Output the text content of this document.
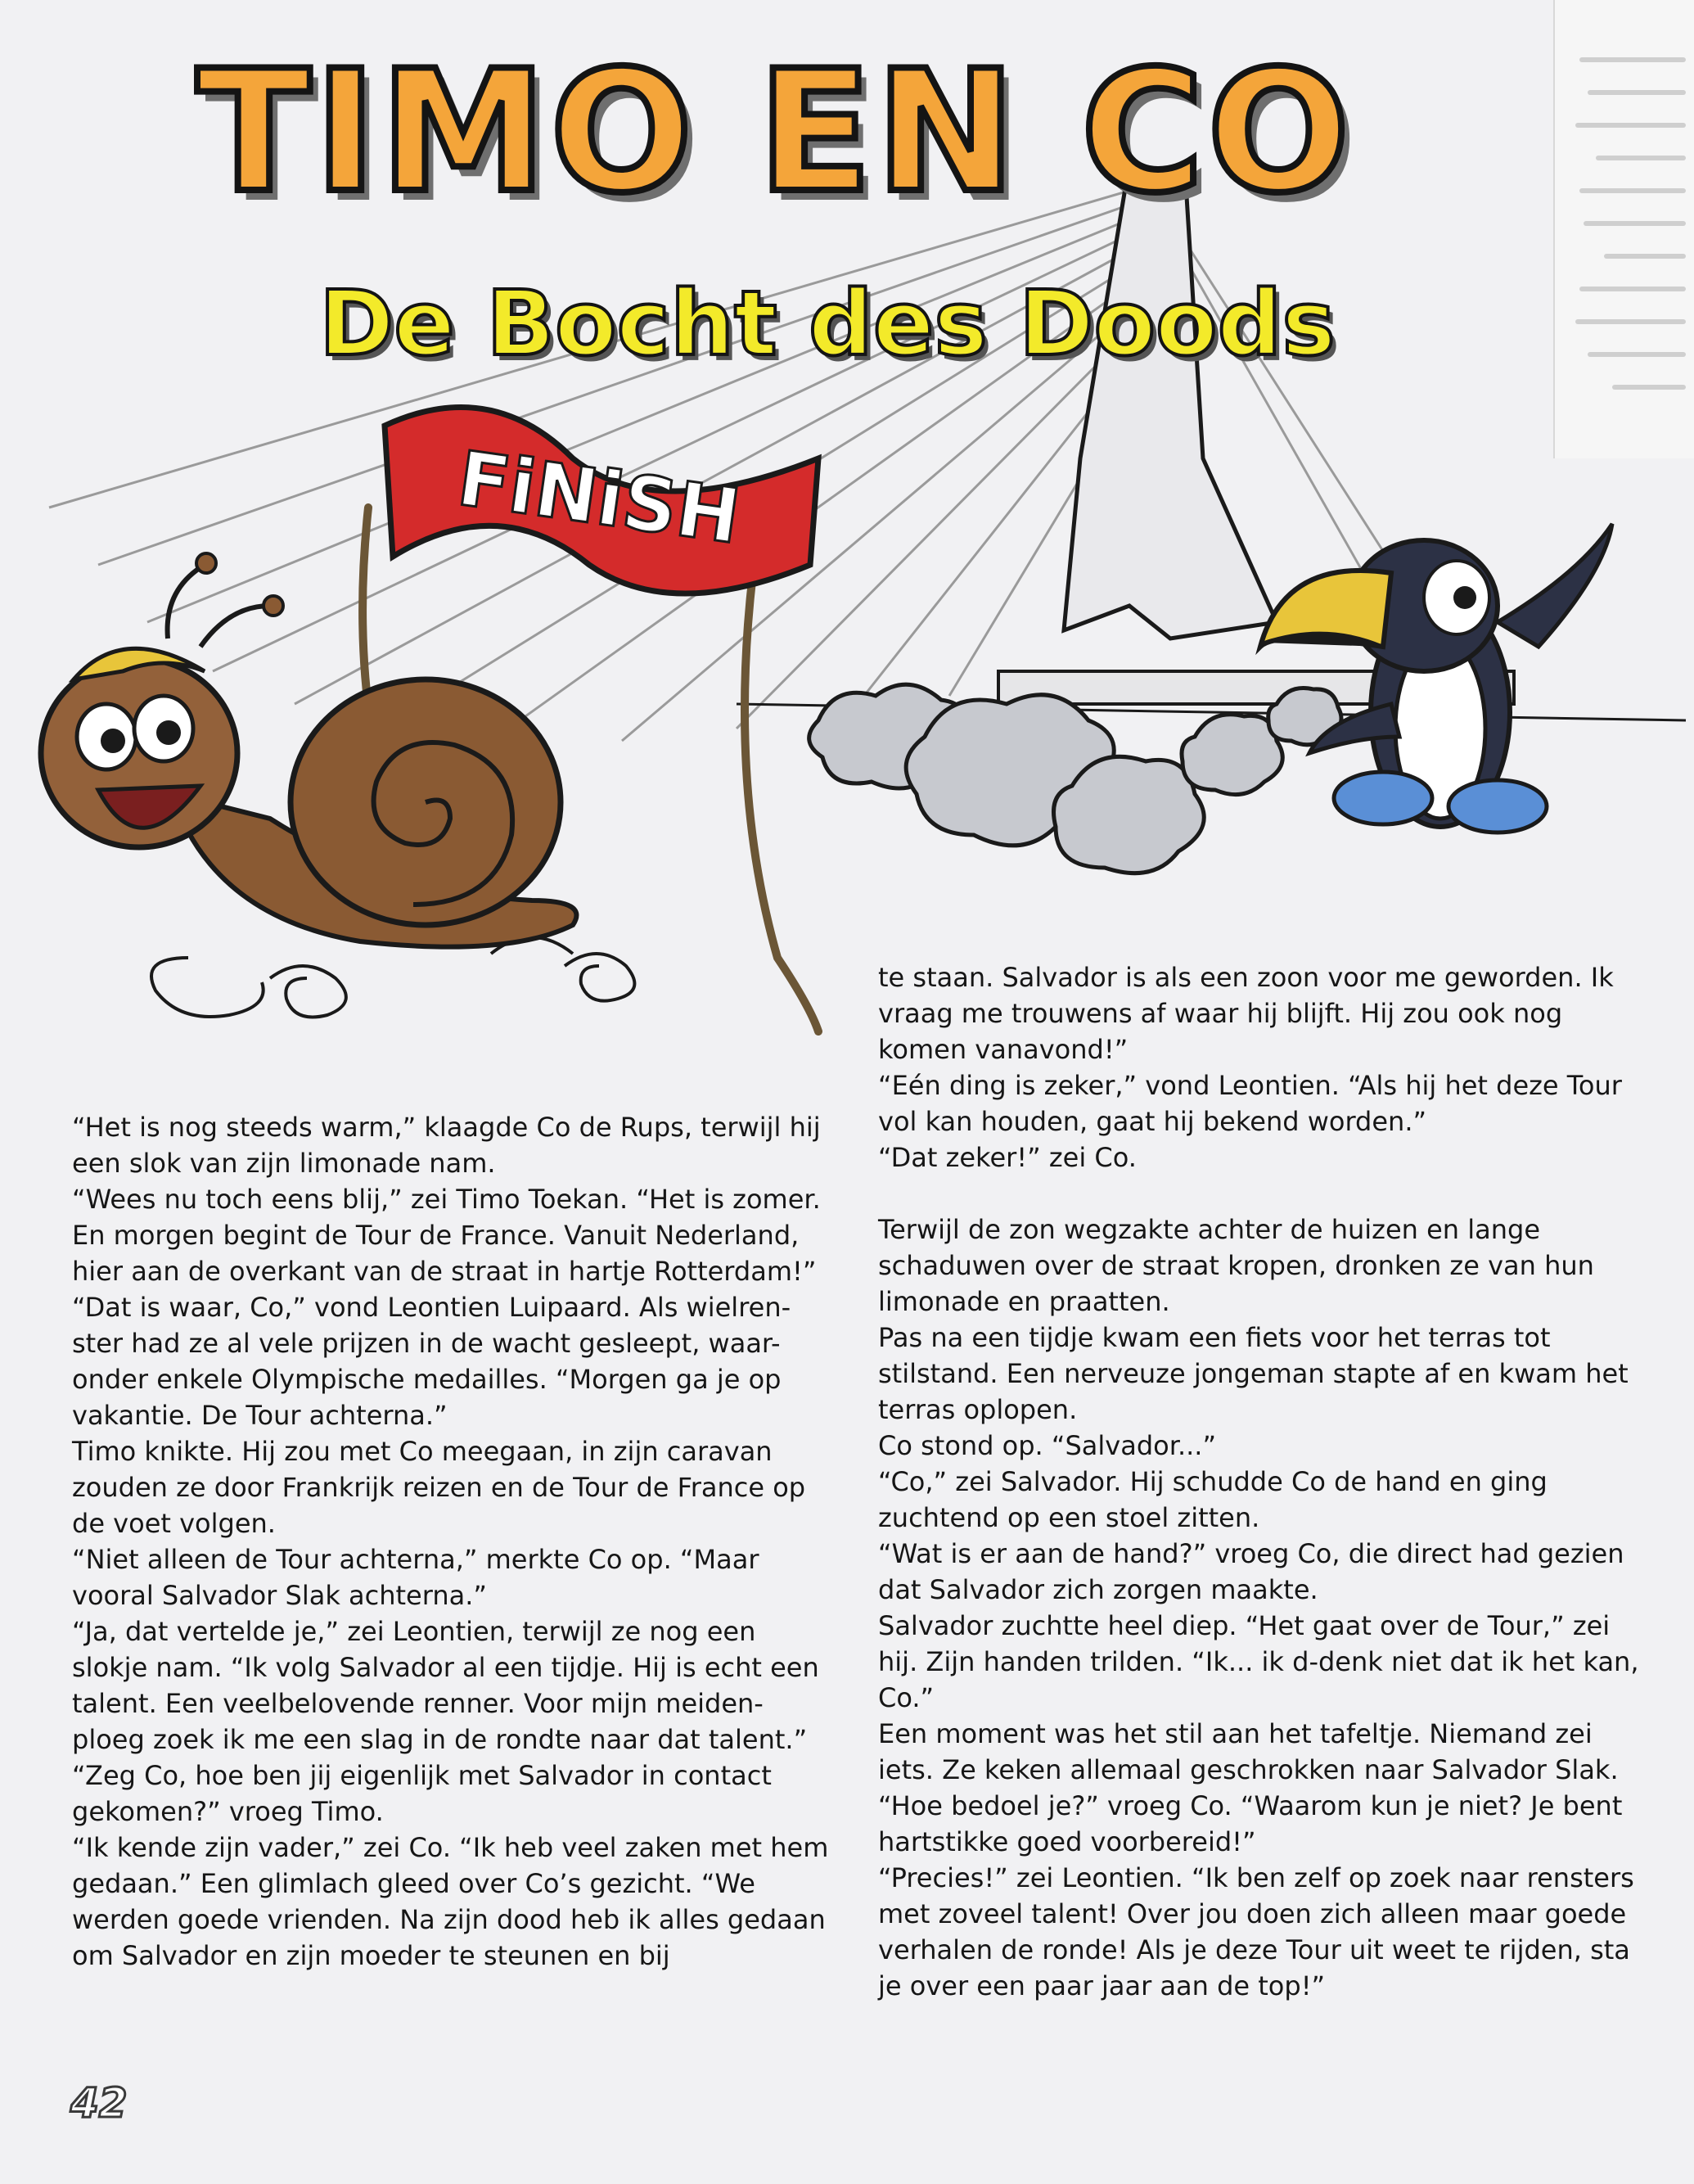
FiNiSH
TIMO EN CO
De Bocht des Doods

“Het is nog steeds warm,” klaagde Co de Rups, terwijl hij een slok van zijn limonade nam.

“Wees nu toch eens blij,” zei Timo Toekan. “Het is zomer. En morgen begint de Tour de France. Vanuit Nederland, hier aan de overkant van de straat in hartje Rotterdam!”

“Dat is waar, Co,” vond Leontien Luipaard. Als wielren- ster had ze al vele prijzen in de wacht gesleept, waar- onder enkele Olympische medailles. “Morgen ga je op vakantie. De Tour achterna.”

Timo knikte. Hij zou met Co meegaan, in zijn caravan zouden ze door Frankrijk reizen en de Tour de France op de voet volgen.

“Niet alleen de Tour achterna,” merkte Co op. “Maar vooral Salvador Slak achterna.”

“Ja, dat vertelde je,” zei Leontien, terwijl ze nog een slokje nam. “Ik volg Salvador al een tijdje. Hij is echt een talent. Een veelbelovende renner. Voor mijn meiden- ploeg zoek ik me een slag in de rondte naar dat talent.”

“Zeg Co, hoe ben jij eigenlijk met Salvador in contact gekomen?” vroeg Timo.

“Ik kende zijn vader,” zei Co. “Ik heb veel zaken met hem gedaan.” Een glimlach gleed over Co’s gezicht. “We werden goede vrienden. Na zijn dood heb ik alles gedaan om Salvador en zijn moeder te steunen en bij

te staan. Salvador is als een zoon voor me geworden. Ik vraag me trouwens af waar hij blijft. Hij zou ook nog komen vanavond!”

“Eén ding is zeker,” vond Leontien. “Als hij het deze Tour vol kan houden, gaat hij bekend worden.”

“Dat zeker!” zei Co.

Terwijl de zon wegzakte achter de huizen en lange schaduwen over de straat kropen, dronken ze van hun limonade en praatten.

Pas na een tijdje kwam een fiets voor het terras tot stilstand. Een nerveuze jongeman stapte af en kwam het terras oplopen.

Co stond op. “Salvador...”

“Co,” zei Salvador. Hij schudde Co de hand en ging zuchtend op een stoel zitten.

“Wat is er aan de hand?” vroeg Co, die direct had gezien dat Salvador zich zorgen maakte.

Salvador zuchtte heel diep. “Het gaat over de Tour,” zei hij. Zijn handen trilden. “Ik... ik d-denk niet dat ik het kan, Co.”

Een moment was het stil aan het tafeltje. Niemand zei iets. Ze keken allemaal geschrokken naar Salvador Slak.

“Hoe bedoel je?” vroeg Co. “Waarom kun je niet? Je bent hartstikke goed voorbereid!”

“Precies!” zei Leontien. “Ik ben zelf op zoek naar rensters met zoveel talent! Over jou doen zich alleen maar goede verhalen de ronde! Als je deze Tour uit weet te rijden, sta je over een paar jaar aan de top!”

42
